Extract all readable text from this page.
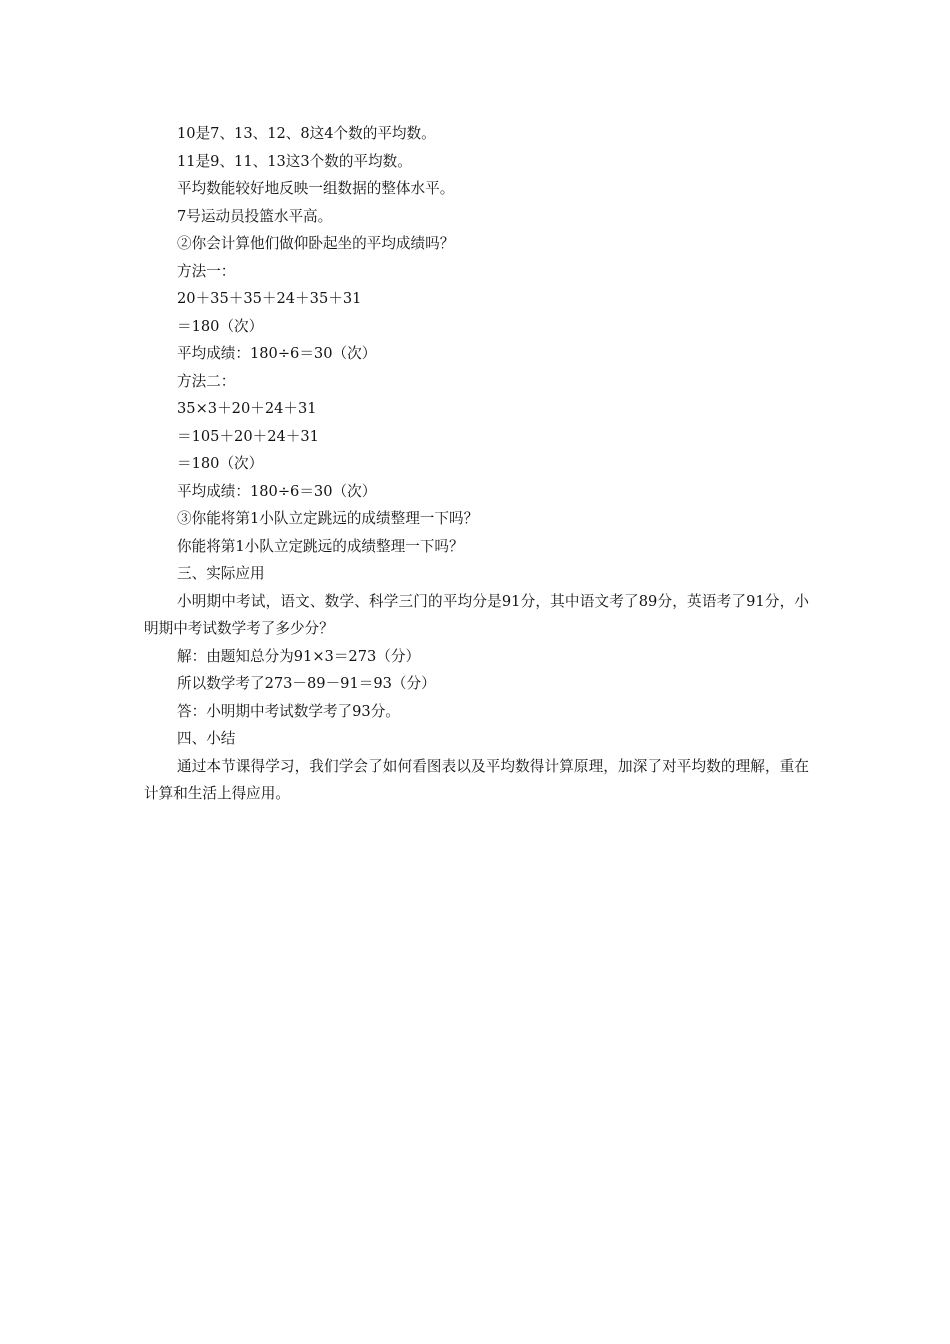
10是7、13、12、8这4个数的平均数。
11是9、11、13这3个数的平均数。
平均数能较好地反映一组数据的整体水平。
7号运动员投篮水平高。
②你会计算他们做仰卧起坐的平均成绩吗？
方法一：
20＋35＋35＋24＋35＋31
＝180（次）
平均成绩：180÷6＝30（次）
方法二：
35×3＋20＋24＋31
＝105＋20＋24＋31
＝180（次）
平均成绩：180÷6＝30（次）
③你能将第1小队立定跳远的成绩整理一下吗？
你能将第1小队立定跳远的成绩整理一下吗？
三、实际应用
小明期中考试，语文、数学、科学三门的平均分是91分，其中语文考了89分，英语考了91分，小明期中考试数学考了多少分？
解：由题知总分为91×3＝273（分）
所以数学考了273－89－91＝93（分）
答：小明期中考试数学考了93分。
四、小结
通过本节课得学习，我们学会了如何看图表以及平均数得计算原理，加深了对平均数的理解，重在计算和生活上得应用。
